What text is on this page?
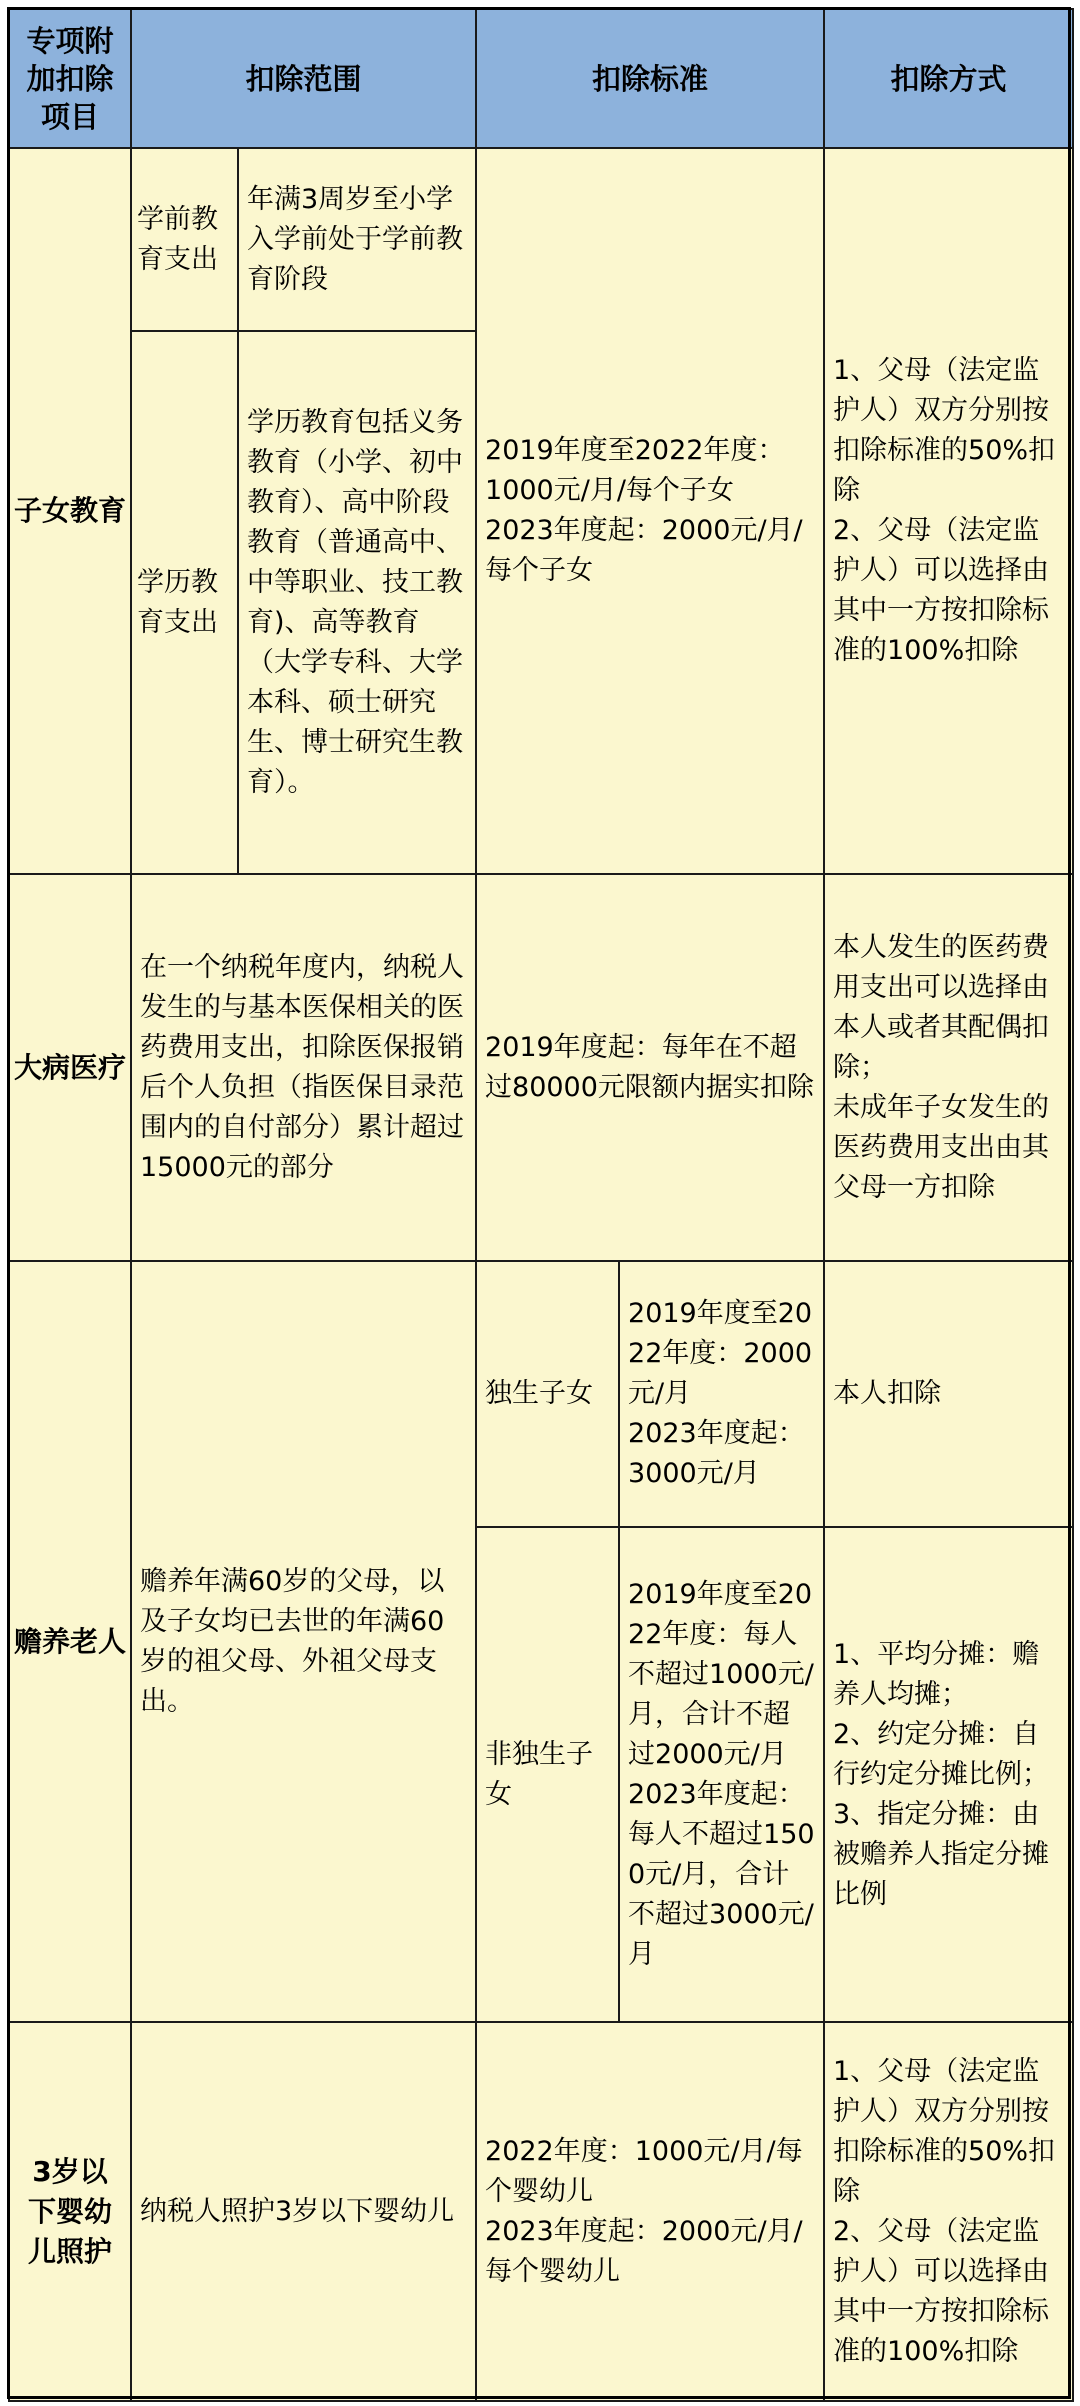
专项附加扣除项目	扣除范围		扣除标准		扣除方式
子女教育	学前教育支出	年满3周岁至小学入学前处于学前教育阶段	2019年度至2022年度：
1000元/月/每个子女
2023年度起：2000元/月/每个子女		1、父母（法定监护人）双方分别按扣除标准的50%扣除
2、父母（法定监护人）可以选择由其中一方按扣除标准的100%扣除
	学历教育支出	学历教育包括义务教育（小学、初中教育）、高中阶段教育（普通高中、中等职业、技工教育)、高等教育（大学专科、大学本科、硕士研究生、博士研究生教育）。			
大病医疗	在一个纳税年度内，纳税人发生的与基本医保相关的医药费用支出，扣除医保报销后个人负担（指医保目录范围内的自付部分）累计超过15000元的部分		2019年度起：每年在不超过80000元限额内据实扣除		本人发生的医药费用支出可以选择由本人或者其配偶扣除；
未成年子女发生的医药费用支出由其父母一方扣除
赡养老人	赡养年满60岁的父母，以及子女均已去世的年满60岁的祖父母、外祖父母支出。		独生子女	2019年度至2022年度：2000元/月
2023年度起：3000元/月	本人扣除
			非独生子女	2019年度至2022年度：每人不超过1000元/月，合计不超过2000元/月
2023年度起：每人不超过1500元/月，合计不超过3000元/月	1、平均分摊：赡养人均摊；
2、约定分摊：自行约定分摊比例；
3、指定分摊：由被赡养人指定分摊比例
3岁以下婴幼儿照护	纳税人照护3岁以下婴幼儿		2022年度：1000元/月/每个婴幼儿
2023年度起：2000元/月/每个婴幼儿		1、父母（法定监护人）双方分别按扣除标准的50%扣除
2、父母（法定监护人）可以选择由其中一方按扣除标准的100%扣除
